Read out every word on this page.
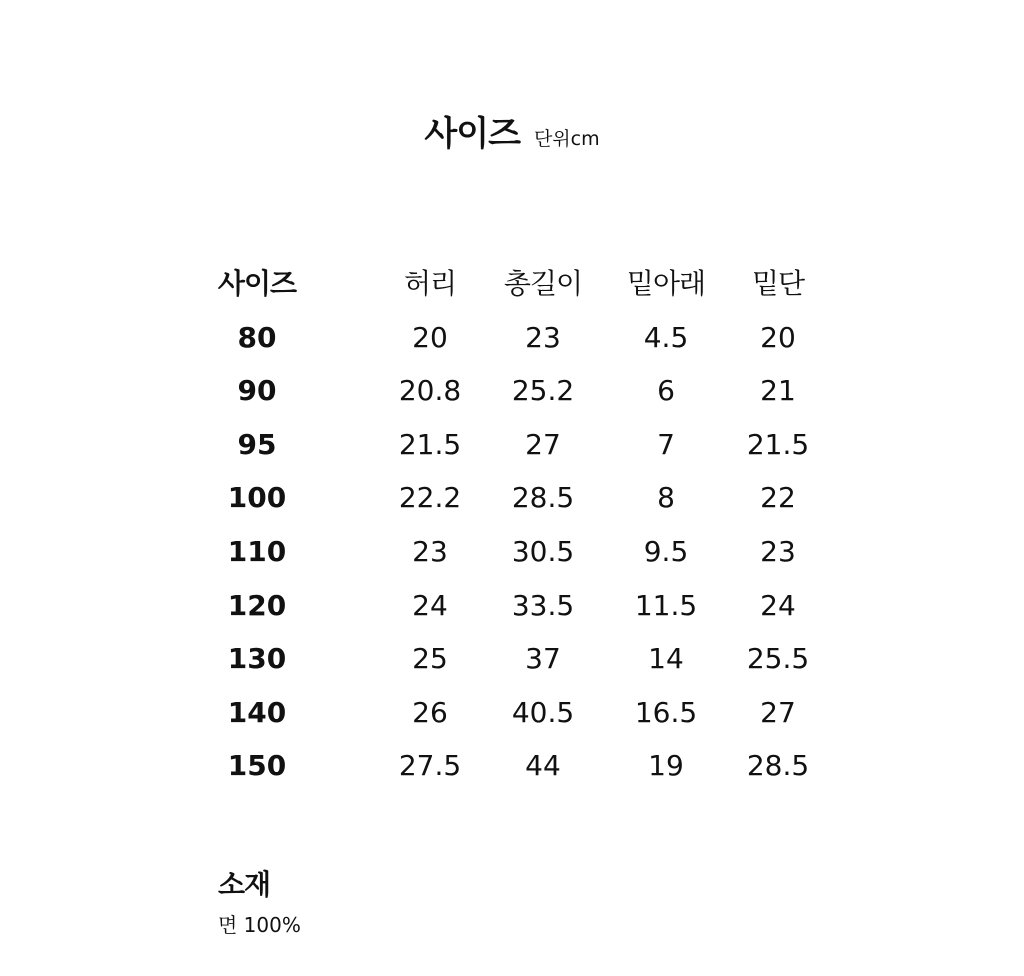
사이즈 단위cm
사이즈	허리	총길이	밑아래	밑단
80	20	23	4.5	20
90	20.8	25.2	6	21
95	21.5	27	7	21.5
100	22.2	28.5	8	22
110	23	30.5	9.5	23
120	24	33.5	11.5	24
130	25	37	14	25.5
140	26	40.5	16.5	27
150	27.5	44	19	28.5
소재
면 100%
